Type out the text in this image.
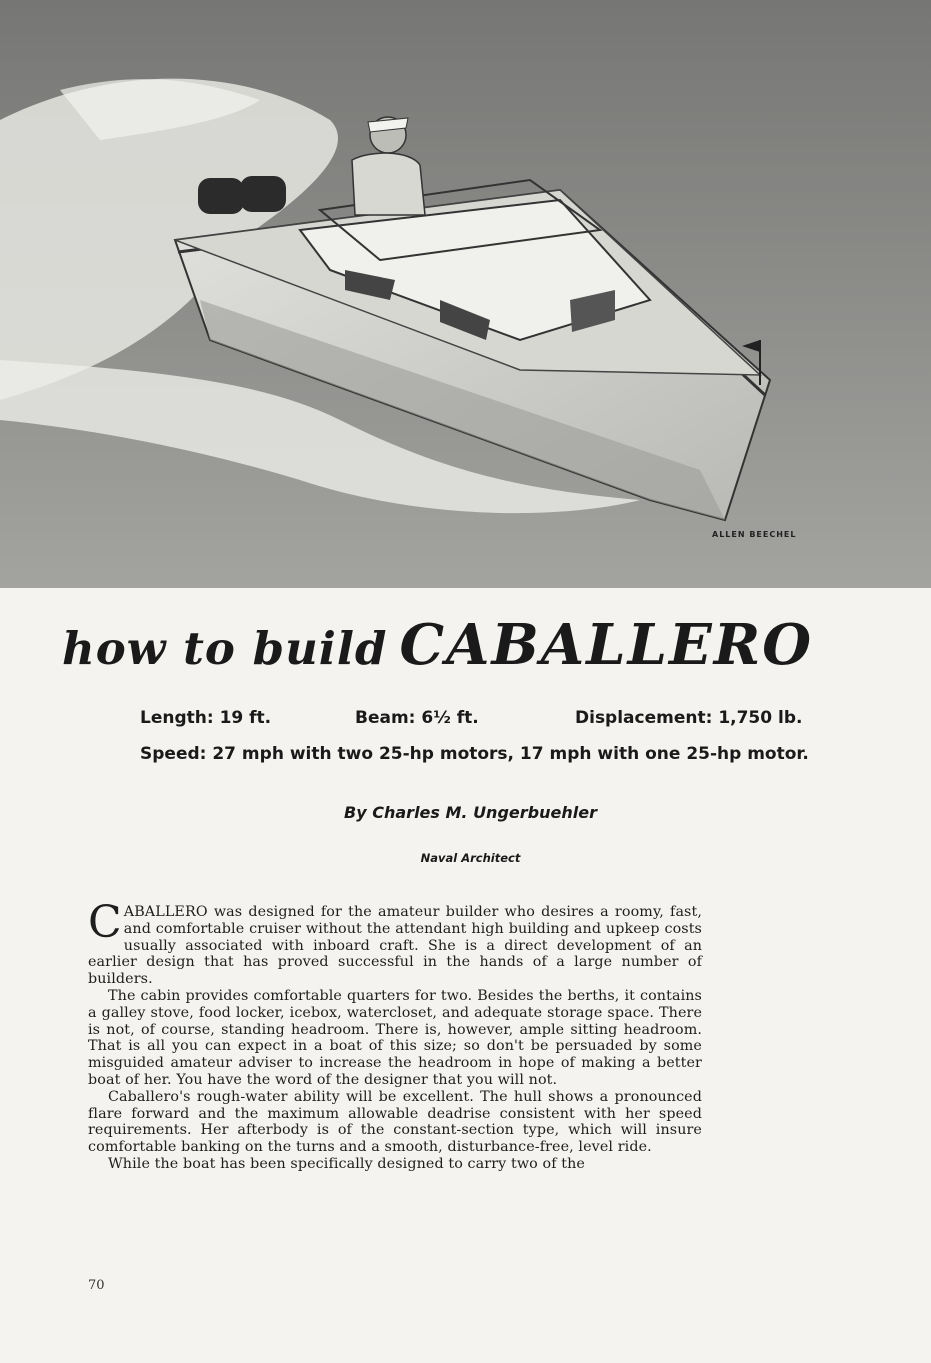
ALLEN BEECHEL
how to build CABALLERO
Length: 19 ft.	Beam: 6½ ft.	Displacement: 1,750 lb.
Speed: 27 mph with two 25-hp motors, 17 mph with one 25-hp motor.
By Charles M. Ungerbuehler
Naval Architect

CABALLERO was designed for the amateur builder who desires a roomy, fast, and comfortable cruiser without the attendant high building and upkeep costs usually associated with inboard craft. She is a direct development of an earlier design that has proved successful in the hands of a large number of builders.

The cabin provides comfortable quarters for two. Besides the berths, it contains a galley stove, food locker, icebox, watercloset, and adequate storage space. There is not, of course, standing headroom. There is, however, ample sitting headroom. That is all you can expect in a boat of this size; so don't be persuaded by some misguided amateur adviser to increase the headroom in hope of making a better boat of her. You have the word of the designer that you will not.

Caballero's rough-water ability will be excellent. The hull shows a pronounced flare forward and the maximum allowable deadrise consistent with her speed requirements. Her afterbody is of the constant-section type, which will insure comfortable banking on the turns and a smooth, disturbance-free, level ride.

While the boat has been specifically designed to carry two of the

70
